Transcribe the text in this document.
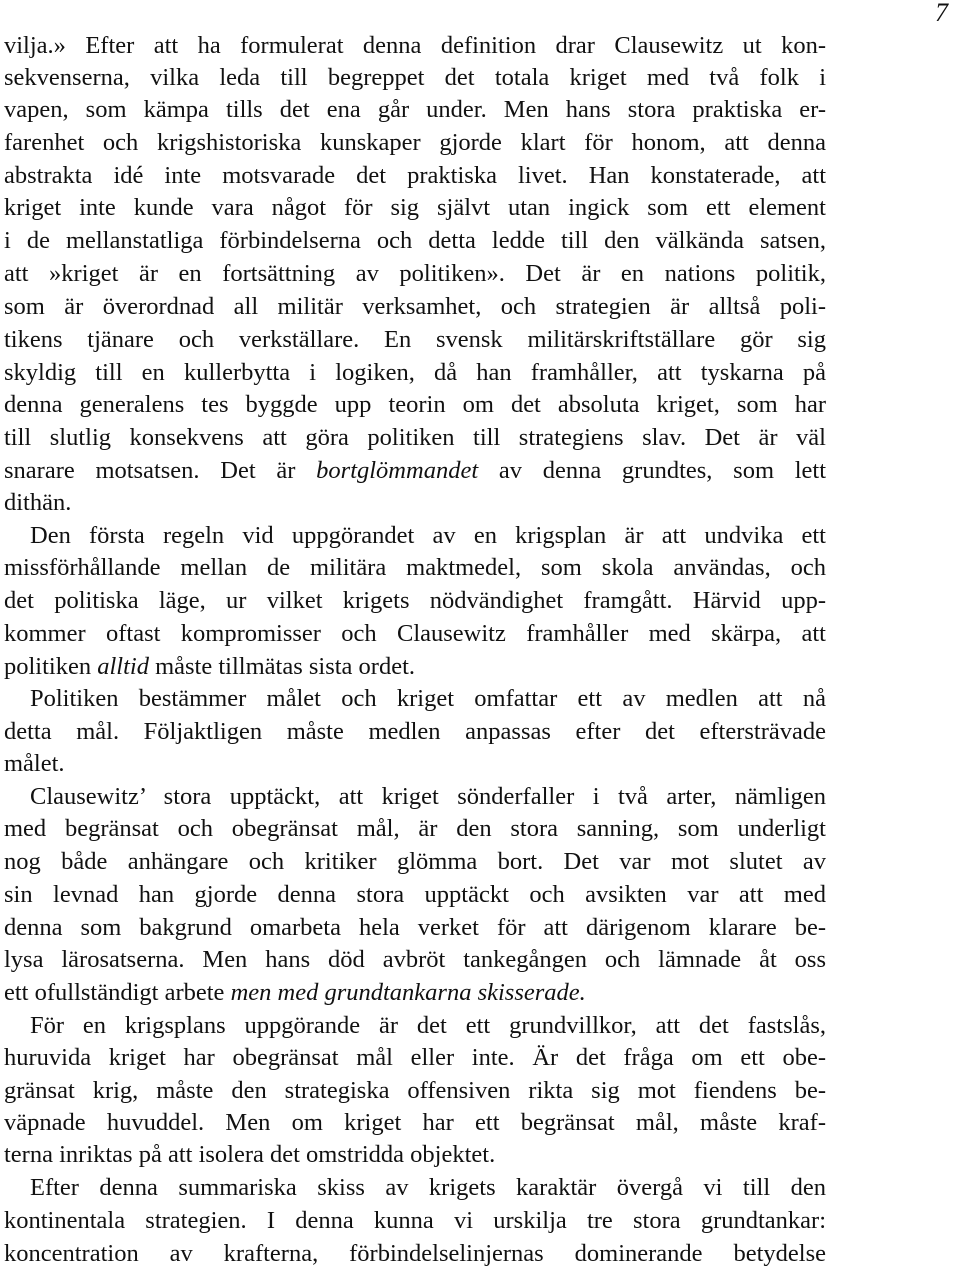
7
vilja.» Efter att ha formulerat denna definition drar Clausewitz ut kon-
sekvenserna, vilka leda till begreppet det totala kriget med två folk i
vapen, som kämpa tills det ena går under. Men hans stora praktiska er-
farenhet och krigshistoriska kunskaper gjorde klart för honom, att denna
abstrakta idé inte motsvarade det praktiska livet. Han konstaterade, att
kriget inte kunde vara något för sig självt utan ingick som ett element
i de mellanstatliga förbindelserna och detta ledde till den välkända satsen,
att »kriget är en fortsättning av politiken». Det är en nations politik,
som är överordnad all militär verksamhet, och strategien är alltså poli-
tikens tjänare och verkställare. En svensk militärskriftställare gör sig
skyldig till en kullerbytta i logiken, då han framhåller, att tyskarna på
denna generalens tes byggde upp teorin om det absoluta kriget, som har
till slutlig konsekvens att göra politiken till strategiens slav. Det är väl
snarare motsatsen. Det är bortglömmandet av denna grundtes, som lett
dithän.
Den första regeln vid uppgörandet av en krigsplan är att undvika ett
missförhållande mellan de militära maktmedel, som skola användas, och
det politiska läge, ur vilket krigets nödvändighet framgått. Härvid upp-
kommer oftast kompromisser och Clausewitz framhåller med skärpa, att
politiken alltid måste tillmätas sista ordet.
Politiken bestämmer målet och kriget omfattar ett av medlen att nå
detta mål. Följaktligen måste medlen anpassas efter det eftersträvade
målet.
Clausewitz’ stora upptäckt, att kriget sönderfaller i två arter, nämligen
med begränsat och obegränsat mål, är den stora sanning, som underligt
nog både anhängare och kritiker glömma bort. Det var mot slutet av
sin levnad han gjorde denna stora upptäckt och avsikten var att med
denna som bakgrund omarbeta hela verket för att därigenom klarare be-
lysa lärosatserna. Men hans död avbröt tankegången och lämnade åt oss
ett ofullständigt arbete men med grundtankarna skisserade.
För en krigsplans uppgörande är det ett grundvillkor, att det fastslås,
huruvida kriget har obegränsat mål eller inte. Är det fråga om ett obe-
gränsat krig, måste den strategiska offensiven rikta sig mot fiendens be-
väpnade huvuddel. Men om kriget har ett begränsat mål, måste kraf-
terna inriktas på att isolera det omstridda objektet.
Efter denna summariska skiss av krigets karaktär övergå vi till den
kontinentala strategien. I denna kunna vi urskilja tre stora grundtankar:
koncentration av krafterna, förbindelselinjernas dominerande betydelse
